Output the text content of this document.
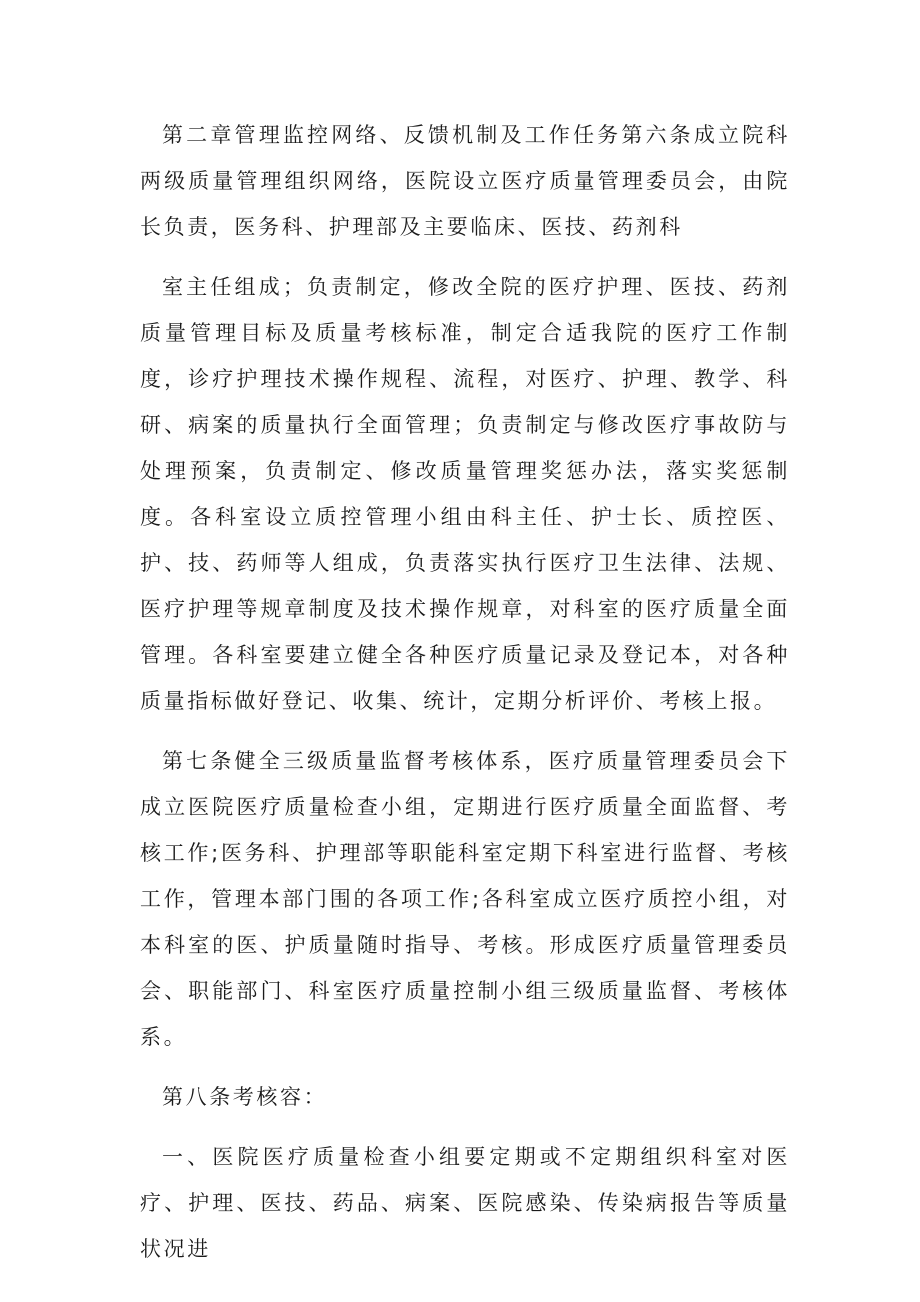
第二章管理监控网络、反馈机制及工作任务第六条成立院科两级质量管理组织网络，医院设立医疗质量管理委员会，由院长负责，医务科、护理部及主要临床、医技、药剂科

室主任组成；负责制定，修改全院的医疗护理、医技、药剂质量管理目标及质量考核标准，制定合适我院的医疗工作制度，诊疗护理技术操作规程、流程，对医疗、护理、教学、科研、病案的质量执行全面管理；负责制定与修改医疗事故防与处理预案，负责制定、修改质量管理奖惩办法，落实奖惩制度。各科室设立质控管理小组由科主任、护士长、质控医、护、技、药师等人组成，负责落实执行医疗卫生法律、法规、医疗护理等规章制度及技术操作规章，对科室的医疗质量全面管理。各科室要建立健全各种医疗质量记录及登记本，对各种质量指标做好登记、收集、统计，定期分析评价、考核上报。

第七条健全三级质量监督考核体系，医疗质量管理委员会下成立医院医疗质量检查小组，定期进行医疗质量全面监督、考核工作;医务科、护理部等职能科室定期下科室进行监督、考核工作，管理本部门围的各项工作;各科室成立医疗质控小组，对本科室的医、护质量随时指导、考核。形成医疗质量管理委员会、职能部门、科室医疗质量控制小组三级质量监督、考核体系。

第八条考核容：

一、医院医疗质量检查小组要定期或不定期组织科室对医疗、护理、医技、药品、病案、医院感染、传染病报告等质量状况进
